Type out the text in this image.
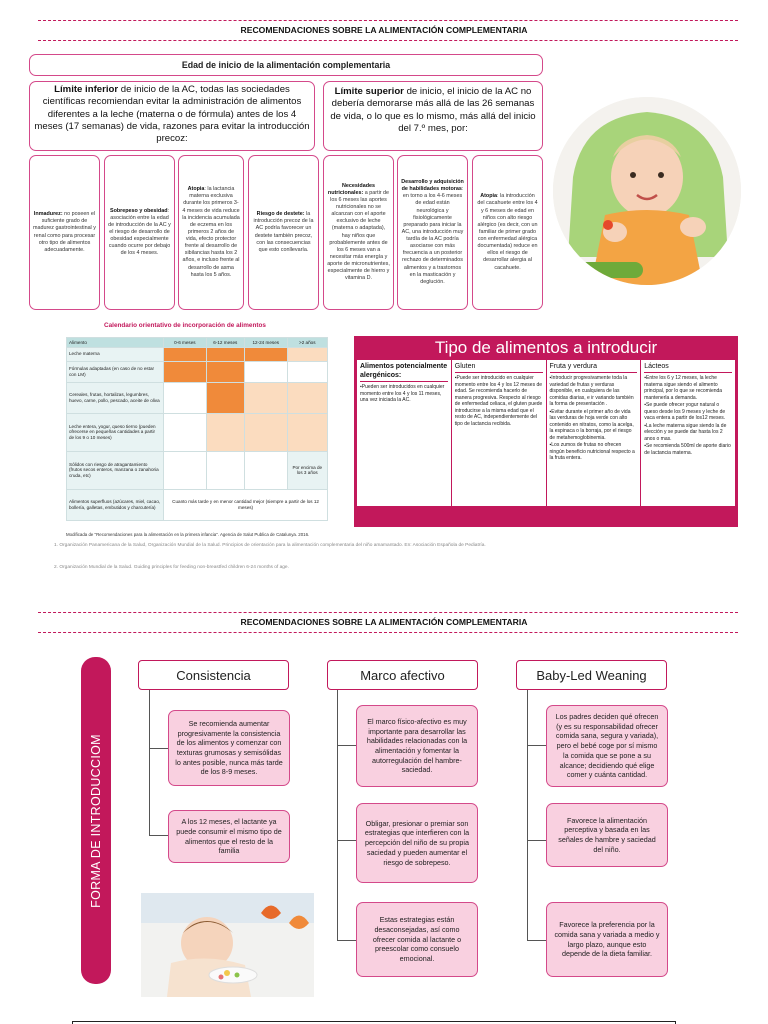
RECOMENDACIONES SOBRE LA ALIMENTACIÓN COMPLEMENTARIA
Edad de inicio de la alimentación complementaria
Límite inferior de inicio de la AC, todas las sociedades científicas recomiendan evitar la administración de alimentos diferentes a la leche (materna o de fórmula) antes de los 4 meses (17 semanas) de vida, razones para evitar la introducción precoz:
Límite superior de inicio, el inicio de la AC no debería demorarse más allá de las 26 semanas de vida, o lo que es lo mismo, más allá del inicio del 7.º mes, por:
Inmadurez: no poseen el suficiente grado de madurez gastrointestinal y renal como para procesar otro tipo de alimentos adecuadamente.
Sobrepeso y obesidad: asociación entre la edad de introducción de la AC y el riesgo de desarrollo de obesidad especialmente cuando ocurre por debajo de los 4 meses.
Atopia: la lactancia materna exclusiva durante los primeros 3-4 meses de vida reduce la incidencia acumulada de eczema en los primeros 2 años de vida, efecto protector frente al desarrollo de sibilancias hasta los 2 años, e incluso frente al desarrollo de asma hasta los 5 años.
Riesgo de destete: la introducción precoz de la AC podría favorecer un destete también precoz, con las consecuencias que esto conllevaría.
Necesidades nutricionales: a partir de los 6 meses las aportes nutricionales no se alcanzan con el aporte exclusivo de leche (materna o adaptada), hay niños que probablemente antes de los 6 meses van a necesitar más energía y aporte de micronutrientes, especialmente de hierro y vitamina D.
Desarrollo y adquisición de habilidades motoras: en torno a los 4-6 meses de edad están neurológica y fisiológicamente preparado para iniciar la AC, una introducción muy tardía de la AC podría asociarse con más frecuencia a un posterior rechazo de determinados alimentos y a trastornos en la masticación y deglución.
Atopia: la introducción del cacahuete entre los 4 y 6 meses de edad en niños con alto riesgo alérgico (es decir, con un familiar de primer grado con enfermedad alérgica documentada) reduce en ellos el riesgo de desarrollar alergia al cacahuete.
Calendario orientativo de incorporación de alimentos
Alimento	0-6 meses	6-12 meses	12-24 meses	>2 años
Leche materna				
Fórmulas adaptadas (en caso de no estar con LM)				
Cereales, frutas, hortalizas, legumbres, huevo, carne, pollo, pescado, aceite de oliva				
Leche entera, yogur, queso tierno (pueden ofrecerse en pequeñas cantidades a partir de los 9 o 10 meses)				
Sólidos con riesgo de atragantamiento (frutos secos enteros, manzana o zanahoria cruda, etc)				Por encima de los 3 años
Alimentos superfluos (azúcares, miel, cacao, bollería, galletas, embutidos y charcutería)	Cuanto más tarde y en menor cantidad mejor (siempre a partir de los 12 meses)			
Modificada de "Recomendaciones para la alimentación en la primera infancia". Agencia de Salut Publica de Catalunya. 2016.
Tipo de alimentos a introducir
Alimentos potencialmente alergénicos:
▪Pueden ser introducidos en cualquier momento entre los 4 y los 11 meses, una vez iniciada la AC.
Gluten
▪Puede ser introducido en cualquier momento entre los 4 y los 12 meses de edad. Se recomienda hacerlo de manera progresiva. Respecto al riesgo de enfermedad celiaca, el gluten puede introducirse a la misma edad que el resto de AC, independientemente del tipo de lactancia recibida.
Fruta y verdura
▪Introducir progresivamente toda la variedad de frutas y verduras disponible, en cualquiera de las comidas diarias, e ir variando también la forma de presentación .
▪Evitar durante el primer año de vida las verduras de hoja verde con alto contenido en nitratos, como la acelga, la espinaca o la borraja, por el riesgo de metahemoglobinemia.
▪Los zumos de frutas no ofrecen ningún beneficio nutricional respecto a la fruta entera.
Lácteos
▪Entre los 6 y 12 meses, la leche materna sigue siendo el alimento principal, por lo que se recomienda mantenerla a demanda.
▪Se puede ofrecer yogur natural o queso desde los 9 meses y leche de vaca entera a partir de los12 meses.
▪La leche materna sigue siendo la de elección y se puede dar hasta los 2 anos o mas.
▪Se recomienda 500ml de aporte diario de lactancia materna.
1. Organización Panamericana de la Salud, Organización Mundial de la Salud. Principios de orientación para la alimentación complementaria del niño amamantado. En: Asociación Española de Pediatría.
2. Organización Mundial de la Salud. Guiding principles for feeding non-breastfed children 6-24 months of age.
RECOMENDACIONES SOBRE LA ALIMENTACIÓN COMPLEMENTARIA
FORMA DE INTRODUCCIOM
Consistencia
Se recomienda aumentar progresivamente la consistencia de los alimentos y comenzar con texturas grumosas y semisólidas lo antes posible, nunca más tarde de los 8-9 meses.
A los 12 meses, el lactante ya puede consumir el mismo tipo de alimentos que el resto de la familia
Marco afectivo
El marco físico-afectivo es muy importante para desarrollar las habilidades relacionadas con la alimentación y fomentar la autorregulación del hambre-saciedad.
Obligar, presionar o premiar son estrategias que interfieren con la percepción del niño de su propia saciedad y pueden aumentar el riesgo de sobrepeso.
Estas estrategias están desaconsejadas, así como ofrecer comida al lactante o preescolar como consuelo emocional.
Baby-Led Weaning
Los padres deciden qué ofrecen (y es su responsabilidad ofrecer comida sana, segura y variada), pero el bebé coge por sí mismo la comida que se pone a su alcance; decidiendo qué elige comer y cuánta cantidad.
Favorece la alimentación perceptiva y basada en las señales de hambre y saciedad del niño.
Favorece la preferencia por la comida sana y variada a medio y largo plazo, aunque esto depende de la dieta familiar.
